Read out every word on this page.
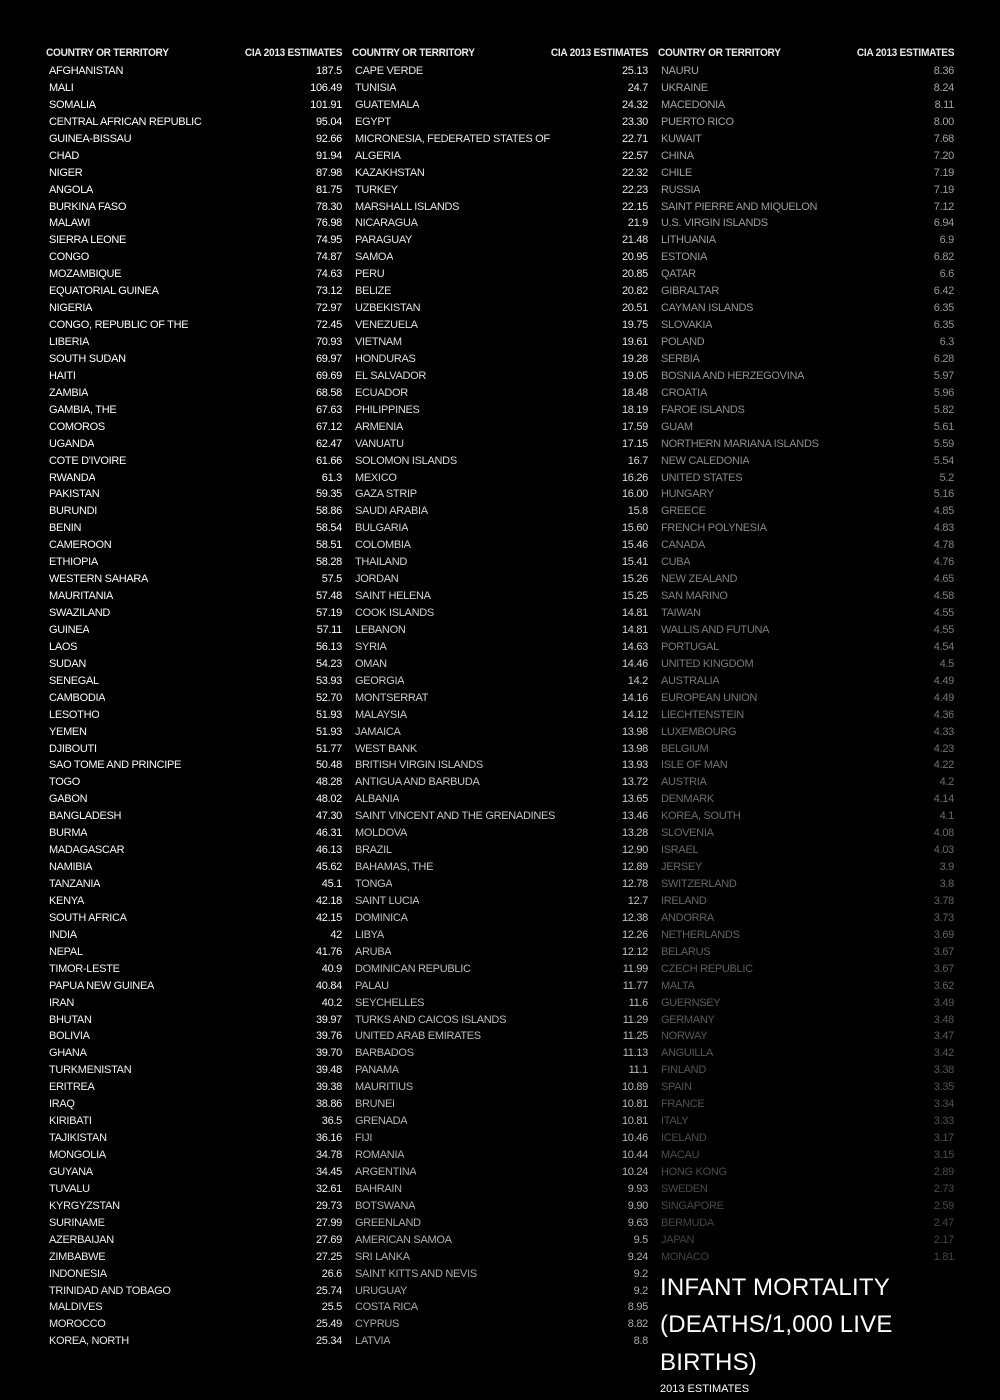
COUNTRY OR TERRITORY	CIA 2013 ESTIMATES
AFGHANISTAN	187.5
MALI	106.49
SOMALIA	101.91
CENTRAL AFRICAN REPUBLIC	95.04
GUINEA-BISSAU	92.66
CHAD	91.94
NIGER	87.98
ANGOLA	81.75
BURKINA FASO	78.30
MALAWI	76.98
SIERRA LEONE	74.95
CONGO	74.87
MOZAMBIQUE	74.63
EQUATORIAL GUINEA	73.12
NIGERIA	72.97
CONGO, REPUBLIC OF THE	72.45
LIBERIA	70.93
SOUTH SUDAN	69.97
HAITI	69.69
ZAMBIA	68.58
GAMBIA, THE	67.63
COMOROS	67.12
UGANDA	62.47
COTE D'IVOIRE	61.66
RWANDA	61.3
PAKISTAN	59.35
BURUNDI	58.86
BENIN	58.54
CAMEROON	58.51
ETHIOPIA	58.28
WESTERN SAHARA	57.5
MAURITANIA	57.48
SWAZILAND	57.19
GUINEA	57.11
LAOS	56.13
SUDAN	54.23
SENEGAL	53.93
CAMBODIA	52.70
LESOTHO	51.93
YEMEN	51.93
DJIBOUTI	51.77
SAO TOME AND PRINCIPE	50.48
TOGO	48.28
GABON	48.02
BANGLADESH	47.30
BURMA	46.31
MADAGASCAR	46.13
NAMIBIA	45.62
TANZANIA	45.1
KENYA	42.18
SOUTH AFRICA	42.15
INDIA	42
NEPAL	41.76
TIMOR-LESTE	40.9
PAPUA NEW GUINEA	40.84
IRAN	40.2
BHUTAN	39.97
BOLIVIA	39.76
GHANA	39.70
TURKMENISTAN	39.48
ERITREA	39.38
IRAQ	38.86
KIRIBATI	36.5
TAJIKISTAN	36.16
MONGOLIA	34.78
GUYANA	34.45
TUVALU	32.61
KYRGYZSTAN	29.73
SURINAME	27.99
AZERBAIJAN	27.69
ZIMBABWE	27.25
INDONESIA	26.6
TRINIDAD AND TOBAGO	25.74
MALDIVES	25.5
MOROCCO	25.49
KOREA, NORTH	25.34
COUNTRY OR TERRITORY	CIA 2013 ESTIMATES
CAPE VERDE	25.13
TUNISIA	24.7
GUATEMALA	24.32
EGYPT	23.30
MICRONESIA, FEDERATED STATES OF	22.71
ALGERIA	22.57
KAZAKHSTAN	22.32
TURKEY	22.23
MARSHALL ISLANDS	22.15
NICARAGUA	21.9
PARAGUAY	21.48
SAMOA	20.95
PERU	20.85
BELIZE	20.82
UZBEKISTAN	20.51
VENEZUELA	19.75
VIETNAM	19.61
HONDURAS	19.28
EL SALVADOR	19.05
ECUADOR	18.48
PHILIPPINES	18.19
ARMENIA	17.59
VANUATU	17.15
SOLOMON ISLANDS	16.7
MEXICO	16.26
GAZA STRIP	16.00
SAUDI ARABIA	15.8
BULGARIA	15.60
COLOMBIA	15.46
THAILAND	15.41
JORDAN	15.26
SAINT HELENA	15.25
COOK ISLANDS	14.81
LEBANON	14.81
SYRIA	14.63
OMAN	14.46
GEORGIA	14.2
MONTSERRAT	14.16
MALAYSIA	14.12
JAMAICA	13.98
WEST BANK	13.98
BRITISH VIRGIN ISLANDS	13.93
ANTIGUA AND BARBUDA	13.72
ALBANIA	13.65
SAINT VINCENT AND THE GRENADINES	13.46
MOLDOVA	13.28
BRAZIL	12.90
BAHAMAS, THE	12.89
TONGA	12.78
SAINT LUCIA	12.7
DOMINICA	12.38
LIBYA	12.26
ARUBA	12.12
DOMINICAN REPUBLIC	11.99
PALAU	11.77
SEYCHELLES	11.6
TURKS AND CAICOS ISLANDS	11.29
UNITED ARAB EMIRATES	11.25
BARBADOS	11.13
PANAMA	11.1
MAURITIUS	10.89
BRUNEI	10.81
GRENADA	10.81
FIJI	10.46
ROMANIA	10.44
ARGENTINA	10.24
BAHRAIN	9.93
BOTSWANA	9.90
GREENLAND	9.63
AMERICAN SAMOA	9.5
SRI LANKA	9.24
SAINT KITTS AND NEVIS	9.2
URUGUAY	9.2
COSTA RICA	8.95
CYPRUS	8.82
LATVIA	8.8
COUNTRY OR TERRITORY	CIA 2013 ESTIMATES
NAURU	8.36
UKRAINE	8.24
MACEDONIA	8.11
PUERTO RICO	8.00
KUWAIT	7.68
CHINA	7.20
CHILE	7.19
RUSSIA	7.19
SAINT PIERRE AND MIQUELON	7.12
U.S. VIRGIN ISLANDS	6.94
LITHUANIA	6.9
ESTONIA	6.82
QATAR	6.6
GIBRALTAR	6.42
CAYMAN ISLANDS	6.35
SLOVAKIA	6.35
POLAND	6.3
SERBIA	6.28
BOSNIA AND HERZEGOVINA	5.97
CROATIA	5.96
FAROE ISLANDS	5.82
GUAM	5.61
NORTHERN MARIANA ISLANDS	5.59
NEW CALEDONIA	5.54
UNITED STATES	5.2
HUNGARY	5.16
GREECE	4.85
FRENCH POLYNESIA	4.83
CANADA	4.78
CUBA	4.76
NEW ZEALAND	4.65
SAN MARINO	4.58
TAIWAN	4.55
WALLIS AND FUTUNA	4.55
PORTUGAL	4.54
UNITED KINGDOM	4.5
AUSTRALIA	4.49
EUROPEAN UNION	4.49
LIECHTENSTEIN	4.36
LUXEMBOURG	4.33
BELGIUM	4.23
ISLE OF MAN	4.22
AUSTRIA	4.2
DENMARK	4.14
KOREA, SOUTH	4.1
SLOVENIA	4.08
ISRAEL	4.03
JERSEY	3.9
SWITZERLAND	3.8
IRELAND	3.78
ANDORRA	3.73
NETHERLANDS	3.69
BELARUS	3.67
CZECH REPUBLIC	3.67
MALTA	3.62
GUERNSEY	3.49
GERMANY	3.48
NORWAY	3.47
ANGUILLA	3.42
FINLAND	3.38
SPAIN	3.35
FRANCE	3.34
ITALY	3.33
ICELAND	3.17
MACAU	3.15
HONG KONG	2.89
SWEDEN	2.73
SINGAPORE	2.59
BERMUDA	2.47
JAPAN	2.17
MONACO	1.81
INFANT MORTALITY
(DEATHS/1,000 LIVE BIRTHS)
2013 ESTIMATES
